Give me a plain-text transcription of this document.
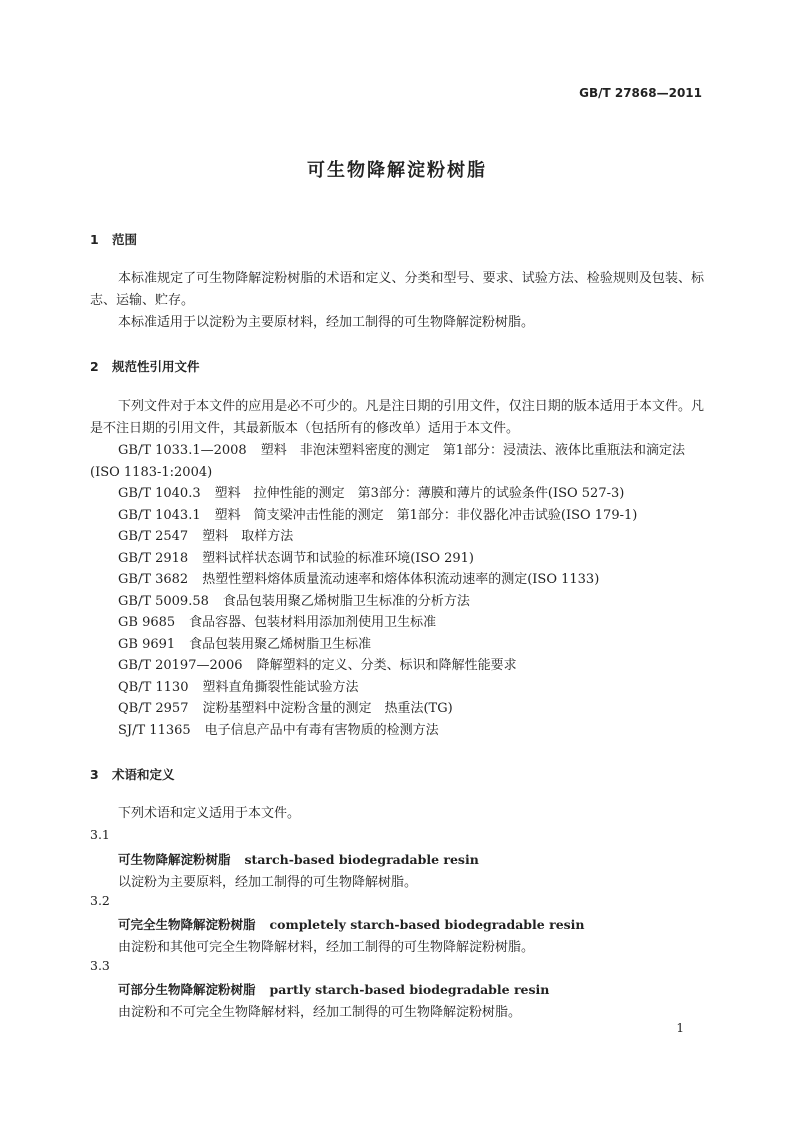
GB/T 27868—2011
可生物降解淀粉树脂
1 范围
本标准规定了可生物降解淀粉树脂的术语和定义、分类和型号、要求、试验方法、检验规则及包装、标志、运输、贮存。
本标准适用于以淀粉为主要原材料，经加工制得的可生物降解淀粉树脂。
2 规范性引用文件
下列文件对于本文件的应用是必不可少的。凡是注日期的引用文件，仅注日期的版本适用于本文件。凡是不注日期的引用文件，其最新版本（包括所有的修改单）适用于本文件。
GB/T 1033.1—2008 塑料　非泡沫塑料密度的测定　第1部分：浸渍法、液体比重瓶法和滴定法
(ISO 1183-1:2004)
GB/T 1040.3 塑料　拉伸性能的测定　第3部分：薄膜和薄片的试验条件(ISO 527-3)
GB/T 1043.1 塑料　简支梁冲击性能的测定　第1部分：非仪器化冲击试验(ISO 179-1)
GB/T 2547 塑料　取样方法
GB/T 2918 塑料试样状态调节和试验的标准环境(ISO 291)
GB/T 3682 热塑性塑料熔体质量流动速率和熔体体积流动速率的测定(ISO 1133)
GB/T 5009.58 食品包装用聚乙烯树脂卫生标准的分析方法
GB 9685 食品容器、包装材料用添加剂使用卫生标准
GB 9691 食品包装用聚乙烯树脂卫生标准
GB/T 20197—2006 降解塑料的定义、分类、标识和降解性能要求
QB/T 1130 塑料直角撕裂性能试验方法
QB/T 2957 淀粉基塑料中淀粉含量的测定　热重法(TG)
SJ/T 11365 电子信息产品中有毒有害物质的检测方法
3 术语和定义
下列术语和定义适用于本文件。
3.1
可生物降解淀粉树脂 starch-based biodegradable resin
以淀粉为主要原料，经加工制得的可生物降解树脂。
3.2
可完全生物降解淀粉树脂 completely starch-based biodegradable resin
由淀粉和其他可完全生物降解材料，经加工制得的可生物降解淀粉树脂。
3.3
可部分生物降解淀粉树脂 partly starch-based biodegradable resin
由淀粉和不可完全生物降解材料，经加工制得的可生物降解淀粉树脂。
1
